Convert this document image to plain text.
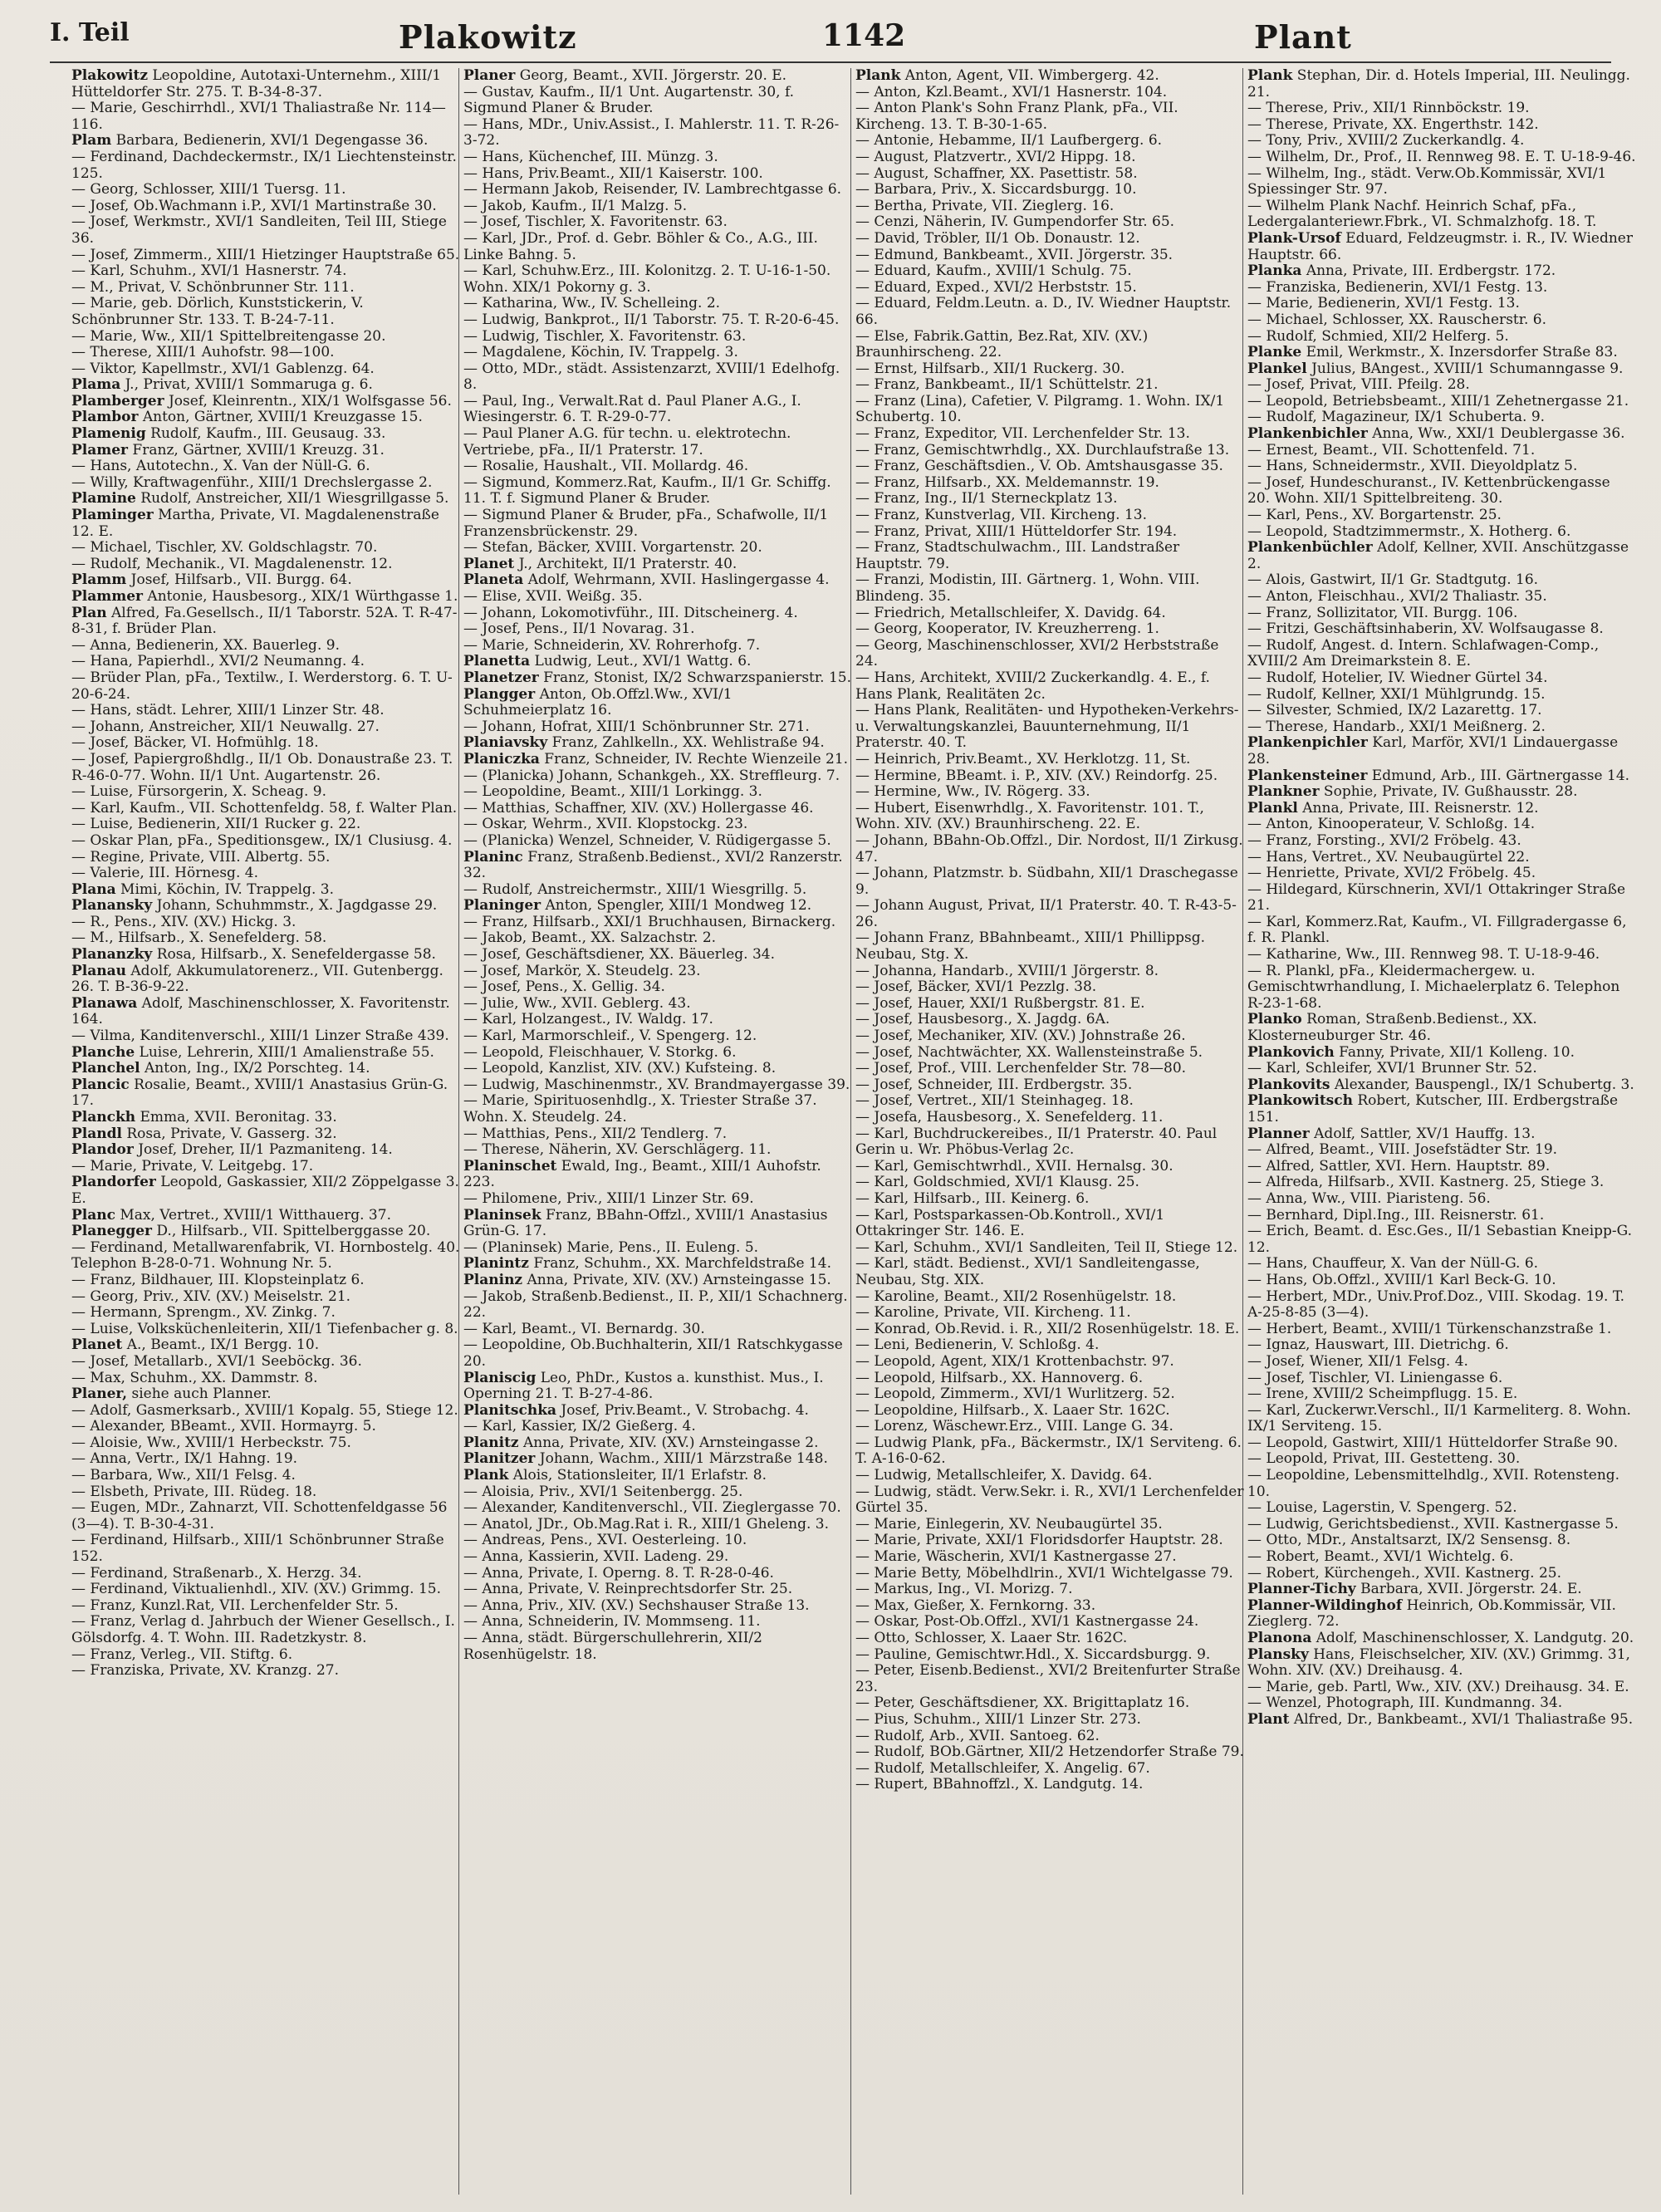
I. Teil	Plakowitz	1142	Plant

Plakowitz Leopoldine, Autotaxi-Unternehm., XIII/1 Hütteldorfer Str. 275. T. B-34-8-37.

— Marie, Geschirrhdl., XVI/1 Thaliastraße Nr. 114—116.

Plam Barbara, Bedienerin, XVI/1 Degengasse 36.

— Ferdinand, Dachdeckermstr., IX/1 Liechtensteinstr. 125.

— Georg, Schlosser, XIII/1 Tuersg. 11.

— Josef, Ob.Wachmann i.P., XVI/1 Martinstraße 30.

— Josef, Werkmstr., XVI/1 Sandleiten, Teil III, Stiege 36.

— Josef, Zimmerm., XIII/1 Hietzinger Hauptstraße 65.

— Karl, Schuhm., XVI/1 Hasnerstr. 74.

— M., Privat, V. Schönbrunner Str. 111.

— Marie, geb. Dörlich, Kunststickerin, V. Schönbrunner Str. 133. T. B-24-7-11.

— Marie, Ww., XII/1 Spittelbreitengasse 20.

— Therese, XIII/1 Auhofstr. 98—100.

— Viktor, Kapellmstr., XVI/1 Gablenzg. 64.

Plama J., Privat, XVIII/1 Sommaruga g. 6.

Plamberger Josef, Kleinrentn., XIX/1 Wolfsgasse 56.

Plambor Anton, Gärtner, XVIII/1 Kreuzgasse 15.

Plamenig Rudolf, Kaufm., III. Geusaug. 33.

Plamer Franz, Gärtner, XVIII/1 Kreuzg. 31.

— Hans, Autotechn., X. Van der Nüll-G. 6.

— Willy, Kraftwagenführ., XIII/1 Drechslergasse 2.

Plamine Rudolf, Anstreicher, XII/1 Wiesgrillgasse 5.

Plaminger Martha, Private, VI. Magdalenenstraße 12. E.

— Michael, Tischler, XV. Goldschlagstr. 70.

— Rudolf, Mechanik., VI. Magdalenenstr. 12.

Plamm Josef, Hilfsarb., VII. Burgg. 64.

Plammer Antonie, Hausbesorg., XIX/1 Würthgasse 1.

Plan Alfred, Fa.Gesellsch., II/1 Taborstr. 52A. T. R-47-8-31, f. Brüder Plan.

— Anna, Bedienerin, XX. Bauerleg. 9.

— Hana, Papierhdl., XVI/2 Neumanng. 4.

— Brüder Plan, pFa., Textilw., I. Werderstorg. 6. T. U-20-6-24.

— Hans, städt. Lehrer, XIII/1 Linzer Str. 48.

— Johann, Anstreicher, XII/1 Neuwallg. 27.

— Josef, Bäcker, VI. Hofmühlg. 18.

— Josef, Papiergroßhdlg., II/1 Ob. Donaustraße 23. T. R-46-0-77. Wohn. II/1 Unt. Augartenstr. 26.

— Luise, Fürsorgerin, X. Scheag. 9.

— Karl, Kaufm., VII. Schottenfeldg. 58, f. Walter Plan.

— Luise, Bedienerin, XII/1 Rucker g. 22.

— Oskar Plan, pFa., Speditionsgew., IX/1 Clusiusg. 4.

— Regine, Private, VIII. Albertg. 55.

— Valerie, III. Hörnesg. 4.

Plana Mimi, Köchin, IV. Trappelg. 3.

Planansky Johann, Schuhmmstr., X. Jagdgasse 29.

— R., Pens., XIV. (XV.) Hickg. 3.

— M., Hilfsarb., X. Senefelderg. 58.

Plananzky Rosa, Hilfsarb., X. Senefeldergasse 58.

Planau Adolf, Akkumulatorenerz., VII. Gutenbergg. 26. T. B-36-9-22.

Planawa Adolf, Maschinenschlosser, X. Favoritenstr. 164.

— Vilma, Kanditenverschl., XIII/1 Linzer Straße 439.

Planche Luise, Lehrerin, XIII/1 Amalienstraße 55.

Planchel Anton, Ing., IX/2 Porschteg. 14.

Plancic Rosalie, Beamt., XVIII/1 Anastasius Grün-G. 17.

Planckh Emma, XVII. Beronitag. 33.

Plandl Rosa, Private, V. Gasserg. 32.

Plandor Josef, Dreher, II/1 Pazmaniteng. 14.

— Marie, Private, V. Leitgebg. 17.

Plandorfer Leopold, Gaskassier, XII/2 Zöppelgasse 3. E.

Planc Max, Vertret., XVIII/1 Witthauerg. 37.

Planegger D., Hilfsarb., VII. Spittelberggasse 20.

— Ferdinand, Metallwarenfabrik, VI. Hornbostelg. 40. Telephon B-28-0-71. Wohnung Nr. 5.

— Franz, Bildhauer, III. Klopsteinplatz 6.

— Georg, Priv., XIV. (XV.) Meiselstr. 21.

— Hermann, Sprengm., XV. Zinkg. 7.

— Luise, Volksküchenleiterin, XII/1 Tiefenbacher g. 8.

Planet A., Beamt., IX/1 Bergg. 10.

— Josef, Metallarb., XVI/1 Seeböckg. 36.

— Max, Schuhm., XX. Dammstr. 8.

Planer, siehe auch Planner.

— Adolf, Gasmerksarb., XVIII/1 Kopalg. 55, Stiege 12.

— Alexander, BBeamt., XVII. Hormayrg. 5.

— Aloisie, Ww., XVIII/1 Herbeckstr. 75.

— Anna, Vertr., IX/1 Hahng. 19.

— Barbara, Ww., XII/1 Felsg. 4.

— Elsbeth, Private, III. Rüdeg. 18.

— Eugen, MDr., Zahnarzt, VII. Schottenfeldgasse 56 (3—4). T. B-30-4-31.

— Ferdinand, Hilfsarb., XIII/1 Schönbrunner Straße 152.

— Ferdinand, Straßenarb., X. Herzg. 34.

— Ferdinand, Viktualienhdl., XIV. (XV.) Grimmg. 15.

— Franz, Kunzl.Rat, VII. Lerchenfelder Str. 5.

— Franz, Verlag d. Jahrbuch der Wiener Gesellsch., I. Gölsdorfg. 4. T. Wohn. III. Radetzkystr. 8.

— Franz, Verleg., VII. Stiftg. 6.

— Franziska, Private, XV. Kranzg. 27.

Planer Georg, Beamt., XVII. Jörgerstr. 20. E.

— Gustav, Kaufm., II/1 Unt. Augartenstr. 30, f. Sigmund Planer & Bruder.

— Hans, MDr., Univ.Assist., I. Mahlerstr. 11. T. R-26-3-72.

— Hans, Küchenchef, III. Münzg. 3.

— Hans, Priv.Beamt., XII/1 Kaiserstr. 100.

— Hermann Jakob, Reisender, IV. Lambrechtgasse 6.

— Jakob, Kaufm., II/1 Malzg. 5.

— Josef, Tischler, X. Favoritenstr. 63.

— Karl, JDr., Prof. d. Gebr. Böhler & Co., A.G., III. Linke Bahng. 5.

— Karl, Schuhw.Erz., III. Kolonitzg. 2. T. U-16-1-50. Wohn. XIX/1 Pokorny g. 3.

— Katharina, Ww., IV. Schelleing. 2.

— Ludwig, Bankprot., II/1 Taborstr. 75. T. R-20-6-45.

— Ludwig, Tischler, X. Favoritenstr. 63.

— Magdalene, Köchin, IV. Trappelg. 3.

— Otto, MDr., städt. Assistenzarzt, XVIII/1 Edelhofg. 8.

— Paul, Ing., Verwalt.Rat d. Paul Planer A.G., I. Wiesingerstr. 6. T. R-29-0-77.

— Paul Planer A.G. für techn. u. elektrotechn. Vertriebe, pFa., II/1 Praterstr. 17.

— Rosalie, Haushalt., VII. Mollardg. 46.

— Sigmund, Kommerz.Rat, Kaufm., II/1 Gr. Schiffg. 11. T. f. Sigmund Planer & Bruder.

— Sigmund Planer & Bruder, pFa., Schafwolle, II/1 Franzensbrückenstr. 29.

— Stefan, Bäcker, XVIII. Vorgartenstr. 20.

Planet J., Architekt, II/1 Praterstr. 40.

Planeta Adolf, Wehrmann, XVII. Haslingergasse 4.

— Elise, XVII. Weißg. 35.

— Johann, Lokomotivführ., III. Ditscheinerg. 4.

— Josef, Pens., II/1 Novarag. 31.

— Marie, Schneiderin, XV. Rohrerhofg. 7.

Planetta Ludwig, Leut., XVI/1 Wattg. 6.

Planetzer Franz, Stonist, IX/2 Schwarzspanierstr. 15.

Plangger Anton, Ob.Offzl.Ww., XVI/1 Schuhmeierplatz 16.

— Johann, Hofrat, XIII/1 Schönbrunner Str. 271.

Planiavsky Franz, Zahlkelln., XX. Wehlistraße 94.

Planiczka Franz, Schneider, IV. Rechte Wienzeile 21.

— (Planicka) Johann, Schankgeh., XX. Streffleurg. 7.

— Leopoldine, Beamt., XIII/1 Lorkingg. 3.

— Matthias, Schaffner, XIV. (XV.) Hollergasse 46.

— Oskar, Wehrm., XVII. Klopstockg. 23.

— (Planicka) Wenzel, Schneider, V. Rüdigergasse 5.

Planinc Franz, Straßenb.Bedienst., XVI/2 Ranzerstr. 32.

— Rudolf, Anstreichermstr., XIII/1 Wiesgrillg. 5.

Planinger Anton, Spengler, XIII/1 Mondweg 12.

— Franz, Hilfsarb., XXI/1 Bruchhausen, Birnackerg.

— Jakob, Beamt., XX. Salzachstr. 2.

— Josef, Geschäftsdiener, XX. Bäuerleg. 34.

— Josef, Markör, X. Steudelg. 23.

— Josef, Pens., X. Gellig. 34.

— Julie, Ww., XVII. Geblerg. 43.

— Karl, Holzangest., IV. Waldg. 17.

— Karl, Marmorschleif., V. Spengerg. 12.

— Leopold, Fleischhauer, V. Storkg. 6.

— Leopold, Kanzlist, XIV. (XV.) Kufsteing. 8.

— Ludwig, Maschinenmstr., XV. Brandmayergasse 39.

— Marie, Spirituosenhdlg., X. Triester Straße 37. Wohn. X. Steudelg. 24.

— Matthias, Pens., XII/2 Tendlerg. 7.

— Therese, Näherin, XV. Gerschlägerg. 11.

Planinschet Ewald, Ing., Beamt., XIII/1 Auhofstr. 223.

— Philomene, Priv., XIII/1 Linzer Str. 69.

Planinsek Franz, BBahn-Offzl., XVIII/1 Anastasius Grün-G. 17.

— (Planinsek) Marie, Pens., II. Euleng. 5.

Planintz Franz, Schuhm., XX. Marchfeldstraße 14.

Planinz Anna, Private, XIV. (XV.) Arnsteingasse 15.

— Jakob, Straßenb.Bedienst., II. P., XII/1 Schachnerg. 22.

— Karl, Beamt., VI. Bernardg. 30.

— Leopoldine, Ob.Buchhalterin, XII/1 Ratschkygasse 20.

Planiscig Leo, PhDr., Kustos a. kunsthist. Mus., I. Operning 21. T. B-27-4-86.

Planitschka Josef, Priv.Beamt., V. Strobachg. 4.

— Karl, Kassier, IX/2 Gießerg. 4.

Planitz Anna, Private, XIV. (XV.) Arnsteingasse 2.

Planitzer Johann, Wachm., XIII/1 Märzstraße 148.

Plank Alois, Stationsleiter, II/1 Erlafstr. 8.

— Aloisia, Priv., XVI/1 Seitenbergg. 25.

— Alexander, Kanditenverschl., VII. Zieglergasse 70.

— Anatol, JDr., Ob.Mag.Rat i. R., XIII/1 Gheleng. 3.

— Andreas, Pens., XVI. Oesterleing. 10.

— Anna, Kassierin, XVII. Ladeng. 29.

— Anna, Private, I. Operng. 8. T. R-28-0-46.

— Anna, Private, V. Reinprechtsdorfer Str. 25.

— Anna, Priv., XIV. (XV.) Sechshauser Straße 13.

— Anna, Schneiderin, IV. Mommseng. 11.

— Anna, städt. Bürgerschullehrerin, XII/2 Rosenhügelstr. 18.

Plank Anton, Agent, VII. Wimbergerg. 42.

— Anton, Kzl.Beamt., XVI/1 Hasnerstr. 104.

— Anton Plank's Sohn Franz Plank, pFa., VII. Kircheng. 13. T. B-30-1-65.

— Antonie, Hebamme, II/1 Laufbergerg. 6.

— August, Platzvertr., XVI/2 Hippg. 18.

— August, Schaffner, XX. Pasettistr. 58.

— Barbara, Priv., X. Siccardsburgg. 10.

— Bertha, Private, VII. Zieglerg. 16.

— Cenzi, Näherin, IV. Gumpendorfer Str. 65.

— David, Tröbler, II/1 Ob. Donaustr. 12.

— Edmund, Bankbeamt., XVII. Jörgerstr. 35.

— Eduard, Kaufm., XVIII/1 Schulg. 75.

— Eduard, Exped., XVI/2 Herbststr. 15.

— Eduard, Feldm.Leutn. a. D., IV. Wiedner Hauptstr. 66.

— Else, Fabrik.Gattin, Bez.Rat, XIV. (XV.) Braunhirscheng. 22.

— Ernst, Hilfsarb., XII/1 Ruckerg. 30.

— Franz, Bankbeamt., II/1 Schüttelstr. 21.

— Franz (Lina), Cafetier, V. Pilgramg. 1. Wohn. IX/1 Schubertg. 10.

— Franz, Expeditor, VII. Lerchenfelder Str. 13.

— Franz, Gemischtwrhdlg., XX. Durchlaufstraße 13.

— Franz, Geschäftsdien., V. Ob. Amtshausgasse 35.

— Franz, Hilfsarb., XX. Meldemannstr. 19.

— Franz, Ing., II/1 Sterneckplatz 13.

— Franz, Kunstverlag, VII. Kircheng. 13.

— Franz, Privat, XIII/1 Hütteldorfer Str. 194.

— Franz, Stadtschulwachm., III. Landstraßer Hauptstr. 79.

— Franzi, Modistin, III. Gärtnerg. 1, Wohn. VIII. Blindeng. 35.

— Friedrich, Metallschleifer, X. Davidg. 64.

— Georg, Kooperator, IV. Kreuzherreng. 1.

— Georg, Maschinenschlosser, XVI/2 Herbststraße 24.

— Hans, Architekt, XVIII/2 Zuckerkandlg. 4. E., f. Hans Plank, Realitäten 2c.

— Hans Plank, Realitäten- und Hypotheken-Verkehrs- u. Verwaltungskanzlei, Bauunternehmung, II/1 Praterstr. 40. T.

— Heinrich, Priv.Beamt., XV. Herklotzg. 11, St.

— Hermine, BBeamt. i. P., XIV. (XV.) Reindorfg. 25.

— Hermine, Ww., IV. Rögerg. 33.

— Hubert, Eisenwrhdlg., X. Favoritenstr. 101. T., Wohn. XIV. (XV.) Braunhirscheng. 22. E.

— Johann, BBahn-Ob.Offzl., Dir. Nordost, II/1 Zirkusg. 47.

— Johann, Platzmstr. b. Südbahn, XII/1 Draschegasse 9.

— Johann August, Privat, II/1 Praterstr. 40. T. R-43-5-26.

— Johann Franz, BBahnbeamt., XIII/1 Phillippsg. Neubau, Stg. X.

— Johanna, Handarb., XVIII/1 Jörgerstr. 8.

— Josef, Bäcker, XVI/1 Pezzlg. 38.

— Josef, Hauer, XXI/1 Rußbergstr. 81. E.

— Josef, Hausbesorg., X. Jagdg. 6A.

— Josef, Mechaniker, XIV. (XV.) Johnstraße 26.

— Josef, Nachtwächter, XX. Wallensteinstraße 5.

— Josef, Prof., VIII. Lerchenfelder Str. 78—80.

— Josef, Schneider, III. Erdbergstr. 35.

— Josef, Vertret., XII/1 Steinhageg. 18.

— Josefa, Hausbesorg., X. Senefelderg. 11.

— Karl, Buchdruckereibes., II/1 Praterstr. 40. Paul Gerin u. Wr. Phöbus-Verlag 2c.

— Karl, Gemischtwrhdl., XVII. Hernalsg. 30.

— Karl, Goldschmied, XVI/1 Klausg. 25.

— Karl, Hilfsarb., III. Keinerg. 6.

— Karl, Postsparkassen-Ob.Kontroll., XVI/1 Ottakringer Str. 146. E.

— Karl, Schuhm., XVI/1 Sandleiten, Teil II, Stiege 12.

— Karl, städt. Bedienst., XVI/1 Sandleitengasse, Neubau, Stg. XIX.

— Karoline, Beamt., XII/2 Rosenhügelstr. 18.

— Karoline, Private, VII. Kircheng. 11.

— Konrad, Ob.Revid. i. R., XII/2 Rosenhügelstr. 18. E.

— Leni, Bedienerin, V. Schloßg. 4.

— Leopold, Agent, XIX/1 Krottenbachstr. 97.

— Leopold, Hilfsarb., XX. Hannoverg. 6.

— Leopold, Zimmerm., XVI/1 Wurlitzerg. 52.

— Leopoldine, Hilfsarb., X. Laaer Str. 162C.

— Lorenz, Wäschewr.Erz., VIII. Lange G. 34.

— Ludwig Plank, pFa., Bäckermstr., IX/1 Serviteng. 6. T. A-16-0-62.

— Ludwig, Metallschleifer, X. Davidg. 64.

— Ludwig, städt. Verw.Sekr. i. R., XVI/1 Lerchenfelder Gürtel 35.

— Marie, Einlegerin, XV. Neubaugürtel 35.

— Marie, Private, XXI/1 Floridsdorfer Hauptstr. 28.

— Marie, Wäscherin, XVI/1 Kastnergasse 27.

— Marie Betty, Möbelhdlrin., XVI/1 Wichtelgasse 79.

— Markus, Ing., VI. Morizg. 7.

— Max, Gießer, X. Fernkorng. 33.

— Oskar, Post-Ob.Offzl., XVI/1 Kastnergasse 24.

— Otto, Schlosser, X. Laaer Str. 162C.

— Pauline, Gemischtwr.Hdl., X. Siccardsburgg. 9.

— Peter, Eisenb.Bedienst., XVI/2 Breitenfurter Straße 23.

— Peter, Geschäftsdiener, XX. Brigittaplatz 16.

— Pius, Schuhm., XIII/1 Linzer Str. 273.

— Rudolf, Arb., XVII. Santoeg. 62.

— Rudolf, BOb.Gärtner, XII/2 Hetzendorfer Straße 79.

— Rudolf, Metallschleifer, X. Angelig. 67.

— Rupert, BBahnoffzl., X. Landgutg. 14.

Plank Stephan, Dir. d. Hotels Imperial, III. Neulingg. 21.

— Therese, Priv., XII/1 Rinnböckstr. 19.

— Therese, Private, XX. Engerthstr. 142.

— Tony, Priv., XVIII/2 Zuckerkandlg. 4.

— Wilhelm, Dr., Prof., II. Rennweg 98. E. T. U-18-9-46.

— Wilhelm, Ing., städt. Verw.Ob.Kommissär, XVI/1 Spiessinger Str. 97.

— Wilhelm Plank Nachf. Heinrich Schaf, pFa., Ledergalanteriewr.Fbrk., VI. Schmalzhofg. 18. T.

Plank-Ursof Eduard, Feldzeugmstr. i. R., IV. Wiedner Hauptstr. 66.

Planka Anna, Private, III. Erdbergstr. 172.

— Franziska, Bedienerin, XVI/1 Festg. 13.

— Marie, Bedienerin, XVI/1 Festg. 13.

— Michael, Schlosser, XX. Rauscherstr. 6.

— Rudolf, Schmied, XII/2 Helferg. 5.

Planke Emil, Werkmstr., X. Inzersdorfer Straße 83.

Plankel Julius, BAngest., XVIII/1 Schumanngasse 9.

— Josef, Privat, VIII. Pfeilg. 28.

— Leopold, Betriebsbeamt., XIII/1 Zehetnergasse 21.

— Rudolf, Magazineur, IX/1 Schuberta. 9.

Plankenbichler Anna, Ww., XXI/1 Deublergasse 36.

— Ernest, Beamt., VII. Schottenfeld. 71.

— Hans, Schneidermstr., XVII. Dieyoldplatz 5.

— Josef, Hundeschuranst., IV. Kettenbrückengasse 20. Wohn. XII/1 Spittelbreiteng. 30.

— Karl, Pens., XV. Borgartenstr. 25.

— Leopold, Stadtzimmermstr., X. Hotherg. 6.

Plankenbüchler Adolf, Kellner, XVII. Anschützgasse 2.

— Alois, Gastwirt, II/1 Gr. Stadtgutg. 16.

— Anton, Fleischhau., XVI/2 Thaliastr. 35.

— Franz, Sollizitator, VII. Burgg. 106.

— Fritzi, Geschäftsinhaberin, XV. Wolfsaugasse 8.

— Rudolf, Angest. d. Intern. Schlafwagen-Comp., XVIII/2 Am Dreimarkstein 8. E.

— Rudolf, Hotelier, IV. Wiedner Gürtel 34.

— Rudolf, Kellner, XXI/1 Mühlgrundg. 15.

— Silvester, Schmied, IX/2 Lazarettg. 17.

— Therese, Handarb., XXI/1 Meißnerg. 2.

Plankenpichler Karl, Marför, XVI/1 Lindauergasse 28.

Plankensteiner Edmund, Arb., III. Gärtnergasse 14.

Plankner Sophie, Private, IV. Gußhausstr. 28.

Plankl Anna, Private, III. Reisnerstr. 12.

— Anton, Kinooperateur, V. Schloßg. 14.

— Franz, Forsting., XVI/2 Fröbelg. 43.

— Hans, Vertret., XV. Neubaugürtel 22.

— Henriette, Private, XVI/2 Fröbelg. 45.

— Hildegard, Kürschnerin, XVI/1 Ottakringer Straße 21.

— Karl, Kommerz.Rat, Kaufm., VI. Fillgradergasse 6, f. R. Plankl.

— Katharine, Ww., III. Rennweg 98. T. U-18-9-46.

— R. Plankl, pFa., Kleidermachergew. u. Gemischtwrhandlung, I. Michaelerplatz 6. Telephon R-23-1-68.

Planko Roman, Straßenb.Bedienst., XX. Klosterneuburger Str. 46.

Plankovich Fanny, Private, XII/1 Kolleng. 10.

— Karl, Schleifer, XVI/1 Brunner Str. 52.

Plankovits Alexander, Bauspengl., IX/1 Schubertg. 3.

Plankowitsch Robert, Kutscher, III. Erdbergstraße 151.

Planner Adolf, Sattler, XV/1 Hauffg. 13.

— Alfred, Beamt., VIII. Josefstädter Str. 19.

— Alfred, Sattler, XVI. Hern. Hauptstr. 89.

— Alfreda, Hilfsarb., XVII. Kastnerg. 25, Stiege 3.

— Anna, Ww., VIII. Piaristeng. 56.

— Bernhard, Dipl.Ing., III. Reisnerstr. 61.

— Erich, Beamt. d. Esc.Ges., II/1 Sebastian Kneipp-G. 12.

— Hans, Chauffeur, X. Van der Nüll-G. 6.

— Hans, Ob.Offzl., XVIII/1 Karl Beck-G. 10.

— Herbert, MDr., Univ.Prof.Doz., VIII. Skodag. 19. T. A-25-8-85 (3—4).

— Herbert, Beamt., XVIII/1 Türkenschanzstraße 1.

— Ignaz, Hauswart, III. Dietrichg. 6.

— Josef, Wiener, XII/1 Felsg. 4.

— Josef, Tischler, VI. Liniengasse 6.

— Irene, XVIII/2 Scheimpflugg. 15. E.

— Karl, Zuckerwr.Verschl., II/1 Karmeliterg. 8. Wohn. IX/1 Serviteng. 15.

— Leopold, Gastwirt, XIII/1 Hütteldorfer Straße 90.

— Leopold, Privat, III. Gestetteng. 30.

— Leopoldine, Lebensmittelhdlg., XVII. Rotensteng. 10.

— Louise, Lagerstin, V. Spengerg. 52.

— Ludwig, Gerichtsbedienst., XVII. Kastnergasse 5.

— Otto, MDr., Anstaltsarzt, IX/2 Sensensg. 8.

— Robert, Beamt., XVI/1 Wichtelg. 6.

— Robert, Kürchengeh., XVII. Kastnerg. 25.

Planner-Tichy Barbara, XVII. Jörgerstr. 24. E.

Planner-Wildinghof Heinrich, Ob.Kommissär, VII. Zieglerg. 72.

Planona Adolf, Maschinenschlosser, X. Landgutg. 20.

Plansky Hans, Fleischselcher, XIV. (XV.) Grimmg. 31, Wohn. XIV. (XV.) Dreihausg. 4.

— Marie, geb. Partl, Ww., XIV. (XV.) Dreihausg. 34. E.

— Wenzel, Photograph, III. Kundmanng. 34.

Plant Alfred, Dr., Bankbeamt., XVI/1 Thaliastraße 95.
